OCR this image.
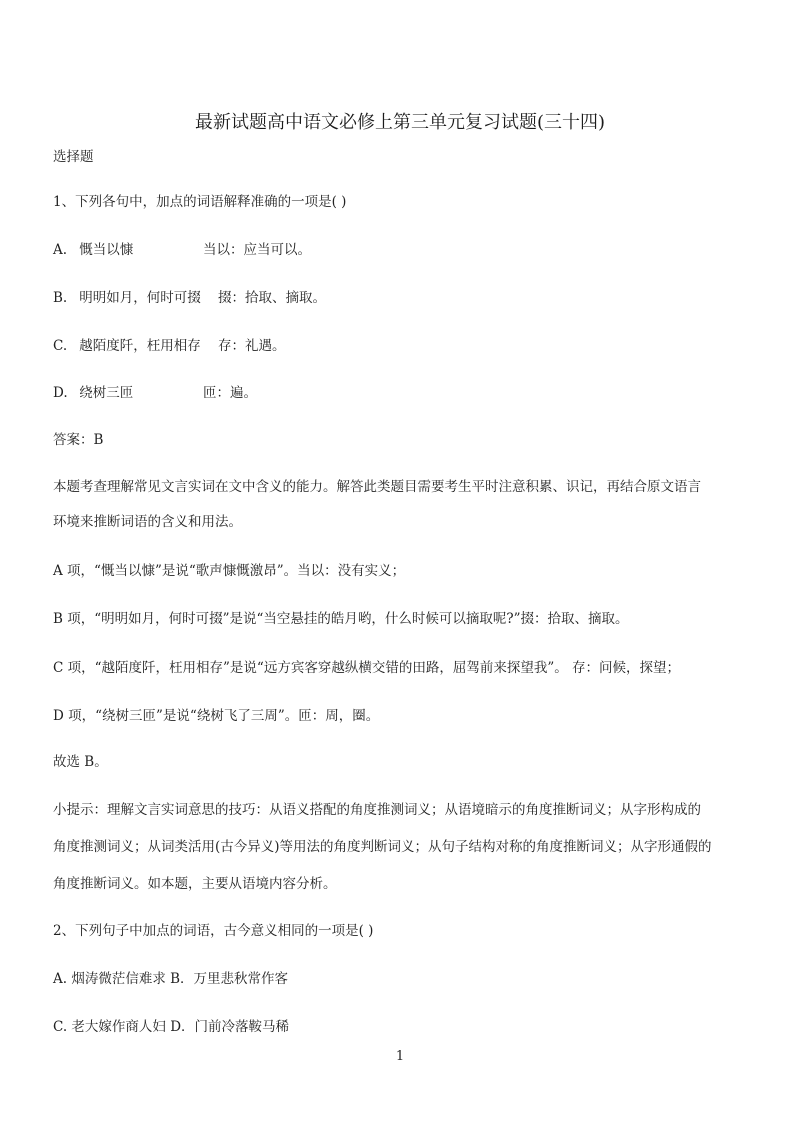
最新试题高中语文必修上第三单元复习试题(三十四)
选择题
1、下列各句中，加点的词语解释准确的一项是( )
A. 慨当以慷	当以：应当可以。
B. 明明如月，何时可掇 掇：拾取、摘取。
C. 越陌度阡，枉用相存 存：礼遇。
D. 绕树三匝	匝：遍。
答案：B
本题考查理解常见文言实词在文中含义的能力。解答此类题目需要考生平时注意积累、识记，再结合原文语言
环境来推断词语的含义和用法。
A 项，“慨当以慷”是说“歌声慷慨激昂”。当以：没有实义；
B 项，“明明如月，何时可掇”是说“当空悬挂的皓月哟，什么时候可以摘取呢?”掇：拾取、摘取。
C 项，“越陌度阡，枉用相存”是说“远方宾客穿越纵横交错的田路，屈驾前来探望我”。 存：问候，探望；
D 项，“绕树三匝”是说“绕树飞了三周”。匝：周，圈。
故选 B。
小提示：理解文言实词意思的技巧：从语义搭配的角度推测词义；从语境暗示的角度推断词义；从字形构成的
角度推测词义；从词类活用(古今异义)等用法的角度判断词义；从句子结构对称的角度推断词义；从字形通假的
角度推断词义。如本题，主要从语境内容分析。
2、下列句子中加点的词语，古今意义相同的一项是( )
A. 烟涛微茫信难求 B．万里悲秋常作客
C. 老大嫁作商人妇 D．门前冷落鞍马稀
1
